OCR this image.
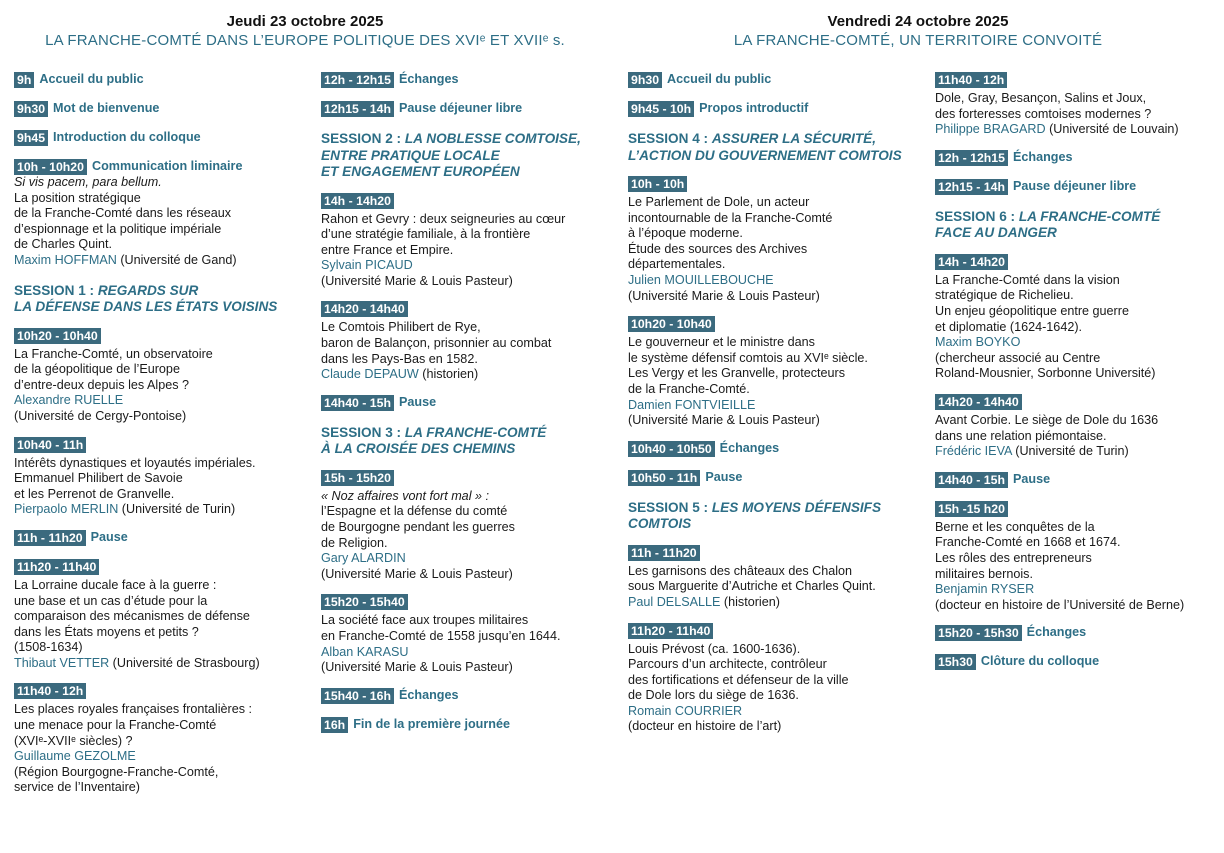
Jeudi 23 octobre 2025
LA FRANCHE-COMTÉ DANS L’EUROPE POLITIQUE DES XVIᵉ ET XVIIᵉ s.
Vendredi 24 octobre 2025
LA FRANCHE-COMTÉ, UN TERRITOIRE CONVOITÉ
9h Accueil du public
9h30 Mot de bienvenue
9h45 Introduction du colloque
10h - 10h20 Communication liminaire
Si vis pacem, para bellum.
La position stratégique
de la Franche-Comté dans les réseaux
d’espionnage et la politique impériale
de Charles Quint.
Maxim HOFFMAN (Université de Gand)
SESSION 1 : REGARDS SUR
LA DÉFENSE DANS LES ÉTATS VOISINS
10h20 - 10h40
La Franche-Comté, un observatoire
de la géopolitique de l’Europe
d’entre-deux depuis les Alpes ?
Alexandre RUELLE
(Université de Cergy-Pontoise)
10h40 - 11h
Intérêts dynastiques et loyautés impériales.
Emmanuel Philibert de Savoie
et les Perrenot de Granvelle.
Pierpaolo MERLIN (Université de Turin)
11h - 11h20 Pause
11h20 - 11h40
La Lorraine ducale face à la guerre :
une base et un cas d’étude pour la
comparaison des mécanismes de défense
dans les États moyens et petits ?
(1508-1634)
Thibaut VETTER (Université de Strasbourg)
11h40 - 12h
Les places royales françaises frontalières :
une menace pour la Franche-Comté
(XVIᵉ-XVIIᵉ siècles) ?
Guillaume GEZOLME
(Région Bourgogne-Franche-Comté,
service de l’Inventaire)
12h - 12h15 Échanges
12h15 - 14h Pause déjeuner libre
SESSION 2 : LA NOBLESSE COMTOISE,
ENTRE PRATIQUE LOCALE
ET ENGAGEMENT EUROPÉEN
14h - 14h20
Rahon et Gevry : deux seigneuries au cœur
d’une stratégie familiale, à la frontière
entre France et Empire.
Sylvain PICAUD
(Université Marie & Louis Pasteur)
14h20 - 14h40
Le Comtois Philibert de Rye,
baron de Balançon, prisonnier au combat
dans les Pays-Bas en 1582.
Claude DEPAUW (historien)
14h40 - 15h Pause
SESSION 3 : LA FRANCHE-COMTÉ
À LA CROISÉE DES CHEMINS
15h - 15h20
« Noz affaires vont fort mal » :
l’Espagne et la défense du comté
de Bourgogne pendant les guerres
de Religion.
Gary ALARDIN
(Université Marie & Louis Pasteur)
15h20 - 15h40
La société face aux troupes militaires
en Franche-Comté de 1558 jusqu’en 1644.
Alban KARASU
(Université Marie & Louis Pasteur)
15h40 - 16h Échanges
16h Fin de la première journée
9h30 Accueil du public
9h45 - 10h Propos introductif
SESSION 4 : ASSURER LA SÉCURITÉ,
L’ACTION DU GOUVERNEMENT COMTOIS
10h - 10h
Le Parlement de Dole, un acteur
incontournable de la Franche-Comté
à l’époque moderne.
Étude des sources des Archives
départementales.
Julien MOUILLEBOUCHE
(Université Marie & Louis Pasteur)
10h20 - 10h40
Le gouverneur et le ministre dans
le système défensif comtois au XVIᵉ siècle.
Les Vergy et les Granvelle, protecteurs
de la Franche-Comté.
Damien FONTVIEILLE
(Université Marie & Louis Pasteur)
10h40 - 10h50 Échanges
10h50 - 11h Pause
SESSION 5 : LES MOYENS DÉFENSIFS
COMTOIS
11h - 11h20
Les garnisons des châteaux des Chalon
sous Marguerite d’Autriche et Charles Quint.
Paul DELSALLE (historien)
11h20 - 11h40
Louis Prévost (ca. 1600-1636).
Parcours d’un architecte, contrôleur
des fortifications et défenseur de la ville
de Dole lors du siège de 1636.
Romain COURRIER
(docteur en histoire de l’art)
11h40 - 12h
Dole, Gray, Besançon, Salins et Joux,
des forteresses comtoises modernes ?
Philippe BRAGARD (Université de Louvain)
12h - 12h15 Échanges
12h15 - 14h Pause déjeuner libre
SESSION 6 : LA FRANCHE-COMTÉ
FACE AU DANGER
14h - 14h20
La Franche-Comté dans la vision
stratégique de Richelieu.
Un enjeu géopolitique entre guerre
et diplomatie (1624-1642).
Maxim BOYKO
(chercheur associé au Centre
Roland-Mousnier, Sorbonne Université)
14h20 - 14h40
Avant Corbie. Le siège de Dole du 1636
dans une relation piémontaise.
Frédéric IEVA (Université de Turin)
14h40 - 15h Pause
15h -15 h20
Berne et les conquêtes de la
Franche-Comté en 1668 et 1674.
Les rôles des entrepreneurs
militaires bernois.
Benjamin RYSER
(docteur en histoire de l’Université de Berne)
15h20 - 15h30 Échanges
15h30 Clôture du colloque
